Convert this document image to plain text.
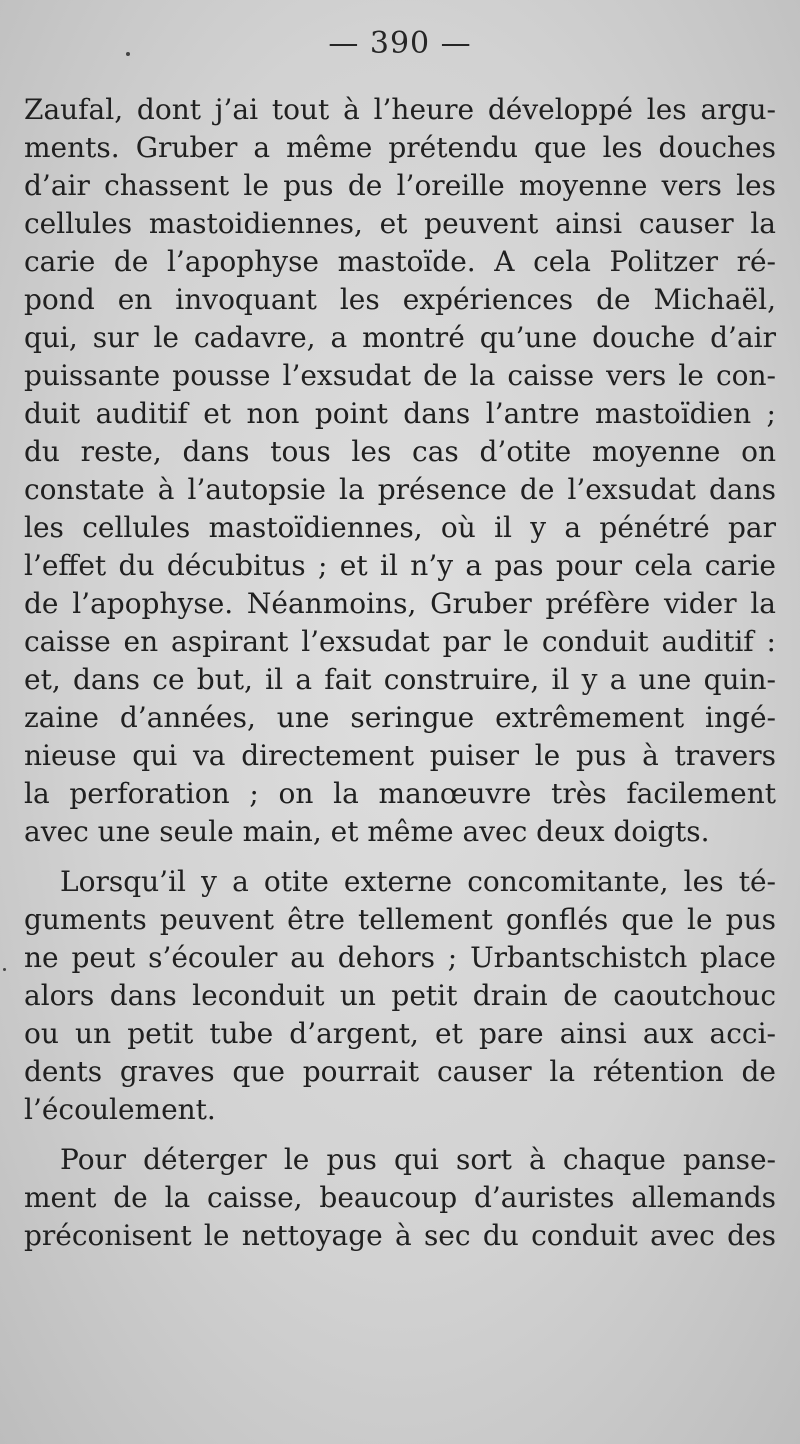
— 390 —
Zaufal, dont j’ai tout à l’heure développé les argu-
ments. Gruber a même prétendu que les douches
d’air chassent le pus de l’oreille moyenne vers les
cellules mastoidiennes, et peuvent ainsi causer la
carie de l’apophyse mastoïde. A cela Politzer ré-
pond en invoquant les expériences de Michaël,
qui, sur le cadavre, a montré qu’une douche d’air
puissante pousse l’exsudat de la caisse vers le con-
duit auditif et non point dans l’antre mastoïdien ;
du reste, dans tous les cas d’otite moyenne on
constate à l’autopsie la présence de l’exsudat dans
les cellules mastoïdiennes, où il y a pénétré par
l’effet du décubitus ; et il n’y a pas pour cela carie
de l’apophyse. Néanmoins, Gruber préfère vider la
caisse en aspirant l’exsudat par le conduit auditif :
et, dans ce but, il a fait construire, il y a une quin-
zaine d’années, une seringue extrêmement ingé-
nieuse qui va directement puiser le pus à travers
la perforation ; on la manœuvre très facilement
avec une seule main, et même avec deux doigts.
Lorsqu’il y a otite externe concomitante, les té-
guments peuvent être tellement gonflés que le pus
ne peut s’écouler au dehors ; Urbantschistch place
alors dans leconduit un petit drain de caoutchouc
ou un petit tube d’argent, et pare ainsi aux acci-
dents graves que pourrait causer la rétention de
l’écoulement.
Pour déterger le pus qui sort à chaque panse-
ment de la caisse, beaucoup d’auristes allemands
préconisent le nettoyage à sec du conduit avec des
